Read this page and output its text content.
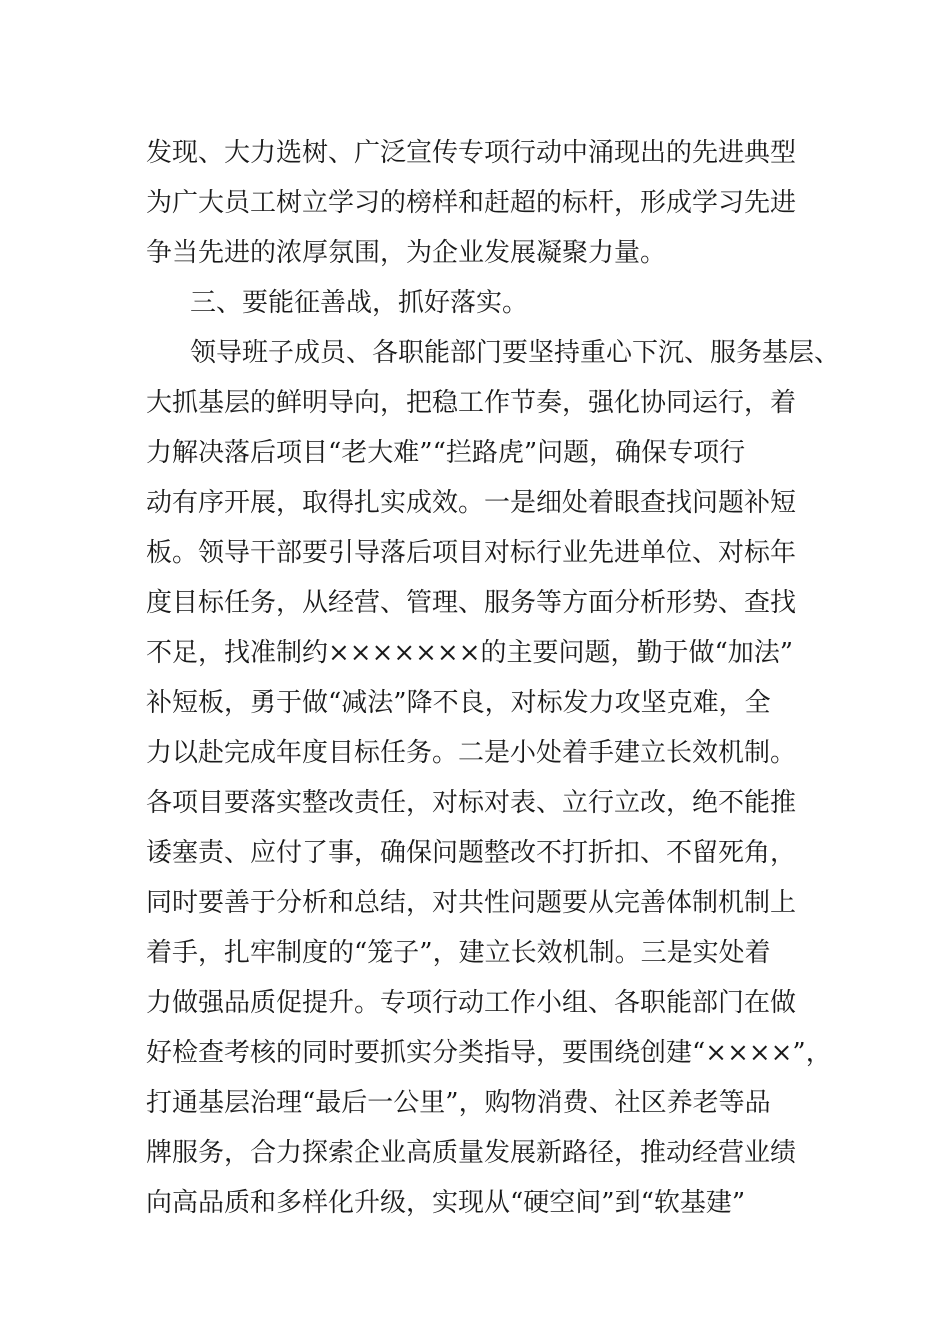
发现、大力选树、广泛宣传专项行动中涌现出的先进典型
为广大员工树立学习的榜样和赶超的标杆，形成学习先进
争当先进的浓厚氛围，为企业发展凝聚力量。
三、要能征善战，抓好落实。
领导班子成员、各职能部门要坚持重心下沉、服务基层、
大抓基层的鲜明导向，把稳工作节奏，强化协同运行，着
力解决落后项目“老大难”“拦路虎”问题，确保专项行
动有序开展，取得扎实成效。一是细处着眼查找问题补短
板。领导干部要引导落后项目对标行业先进单位、对标年
度目标任务，从经营、管理、服务等方面分析形势、查找
不足，找准制约×××××××的主要问题，勤于做“加法”
补短板，勇于做“减法”降不良，对标发力攻坚克难，全
力以赴完成年度目标任务。二是小处着手建立长效机制。
各项目要落实整改责任，对标对表、立行立改，绝不能推
诿塞责、应付了事，确保问题整改不打折扣、不留死角，
同时要善于分析和总结，对共性问题要从完善体制机制上
着手，扎牢制度的“笼子”，建立长效机制。三是实处着
力做强品质促提升。专项行动工作小组、各职能部门在做
好检查考核的同时要抓实分类指导，要围绕创建“××××”，
打通基层治理“最后一公里”，购物消费、社区养老等品
牌服务，合力探索企业高质量发展新路径，推动经营业绩
向高品质和多样化升级，实现从“硬空间”到“软基建”
